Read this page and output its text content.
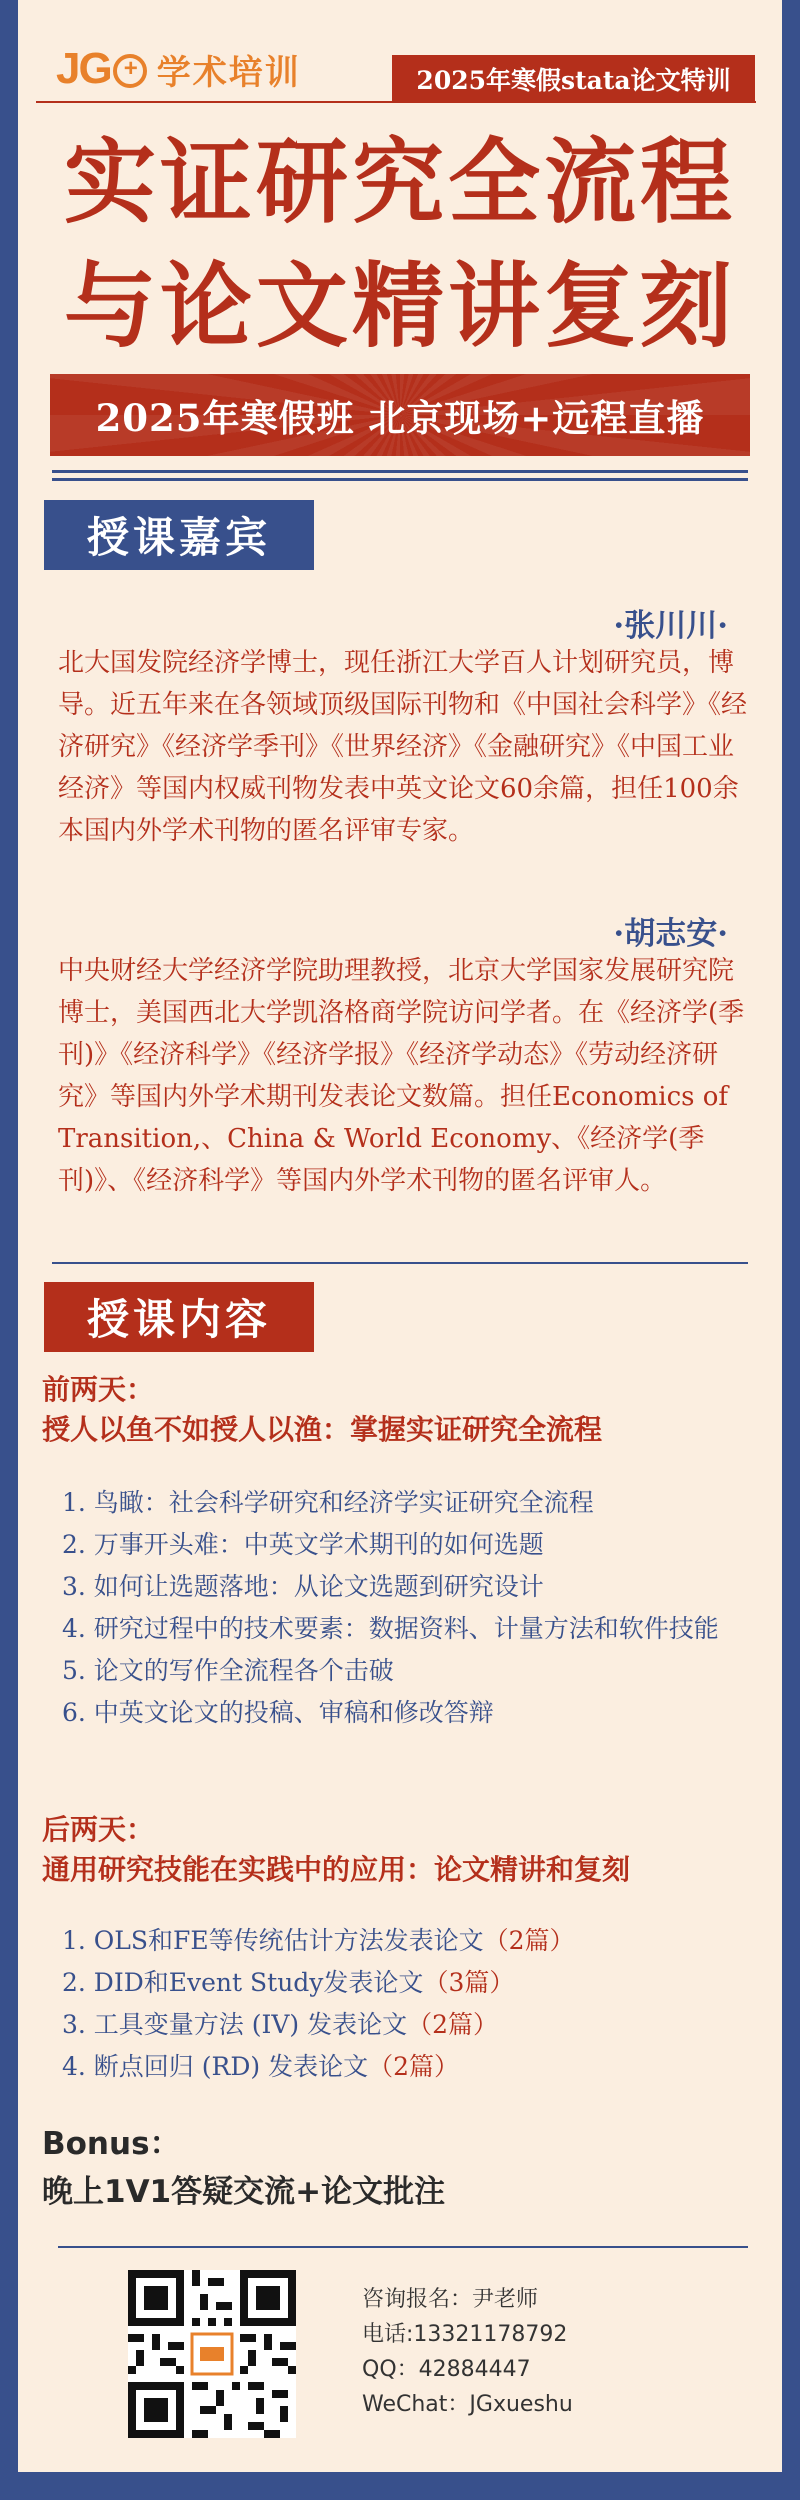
JG + 学术培训	2025年寒假stata论文特训
实证研究全流程
与论文精讲复刻
2025年寒假班 北京现场+远程直播
授课嘉宾
·张川川·
北大国发院经济学博士，现任浙江大学百人计划研究员，博导。近五年来在各领域顶级国际刊物和《中国社会科学》《经济研究》《经济学季刊》《世界经济》《金融研究》《中国工业经济》等国内权威刊物发表中英文论文60余篇，担任100余本国内外学术刊物的匿名评审专家。
·胡志安·
中央财经大学经济学院助理教授，北京大学国家发展研究院博士，美国西北大学凯洛格商学院访问学者。在《经济学(季刊)》《经济科学》《经济学报》《经济学动态》《劳动经济研究》等国内外学术期刊发表论文数篇。担任Economics of Transition,、China & World Economy、《经济学(季刊)》、《经济科学》等国内外学术刊物的匿名评审人。
授课内容
前两天：
授人以鱼不如授人以渔：掌握实证研究全流程
1. 鸟瞰：社会科学研究和经济学实证研究全流程
2. 万事开头难：中英文学术期刊的如何选题
3. 如何让选题落地：从论文选题到研究设计
4. 研究过程中的技术要素：数据资料、计量方法和软件技能
5. 论文的写作全流程各个击破
6. 中英文论文的投稿、审稿和修改答辩
后两天：
通用研究技能在实践中的应用：论文精讲和复刻
1. OLS和FE等传统估计方法发表论文（2篇）
2. DID和Event Study发表论文（3篇）
3. 工具变量方法 (IV) 发表论文（2篇）
4. 断点回归 (RD) 发表论文（2篇）
Bonus：
晚上1V1答疑交流+论文批注
咨询报名：尹老师
电话:13321178792
QQ：42884447
WeChat：JGxueshu
